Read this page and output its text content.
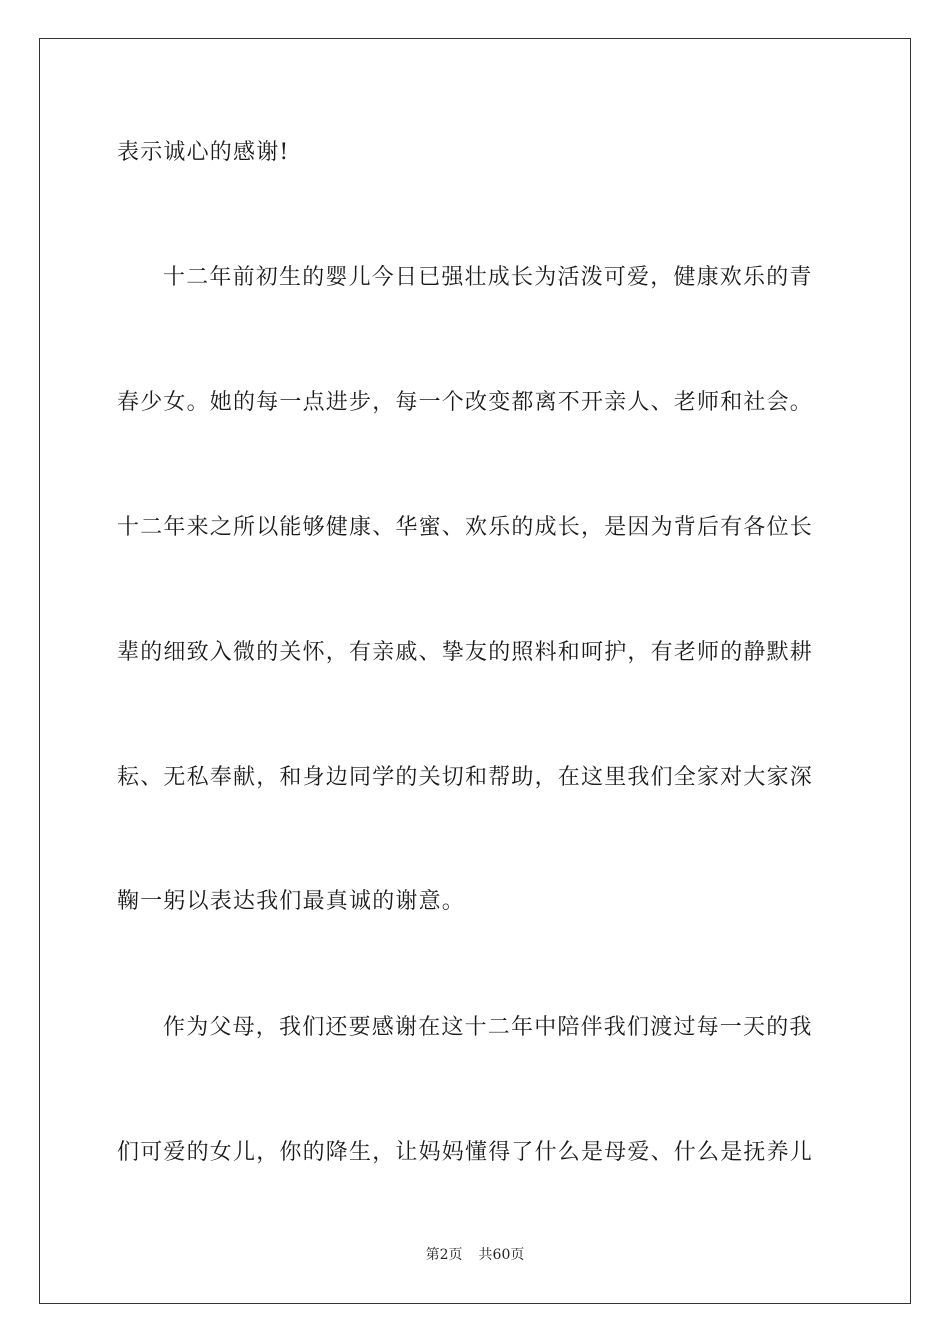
表示诚心的感谢!

十二年前初生的婴儿今日已强壮成长为活泼可爱，健康欢乐的青

春少女。她的每一点进步，每一个改变都离不开亲人、老师和社会。

十二年来之所以能够健康、华蜜、欢乐的成长，是因为背后有各位长

辈的细致入微的关怀，有亲戚、挚友的照料和呵护，有老师的静默耕

耘、无私奉献，和身边同学的关切和帮助，在这里我们全家对大家深

鞠一躬以表达我们最真诚的谢意。

作为父母，我们还要感谢在这十二年中陪伴我们渡过每一天的我

们可爱的女儿，你的降生，让妈妈懂得了什么是母爱、什么是抚养儿

第2页 共60页
